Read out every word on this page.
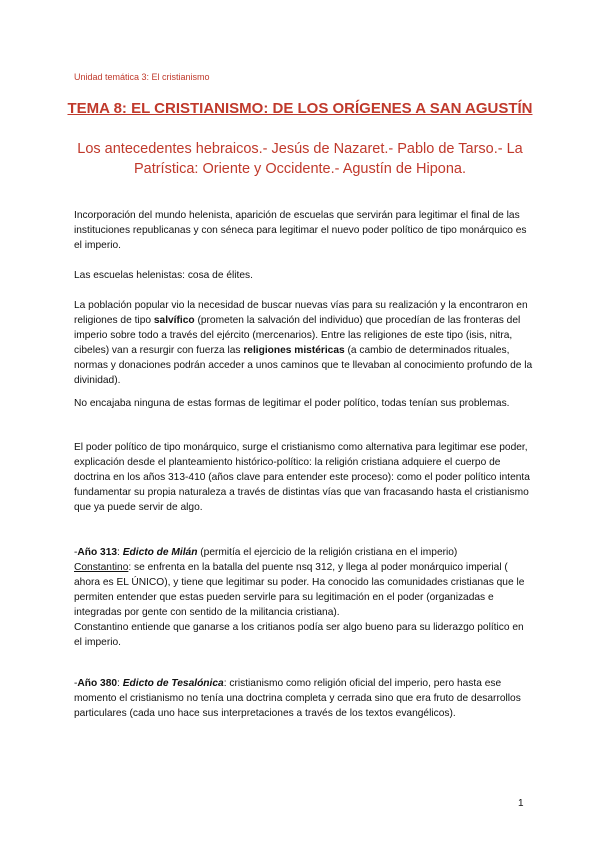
Unidad temática 3: El cristianismo
TEMA 8: EL CRISTIANISMO: DE LOS ORÍGENES A SAN AGUSTÍN
Los antecedentes hebraicos.- Jesús de Nazaret.- Pablo de Tarso.- La Patrística: Oriente y Occidente.- Agustín de Hipona.

Incorporación del mundo helenista, aparición de escuelas que servirán para legitimar el final de las instituciones republicanas y con séneca para legitimar el nuevo poder político de tipo monárquico es el imperio.

Las escuelas helenistas: cosa de élites.

La población popular vio la necesidad de buscar nuevas vías para su realización y la encontraron en religiones de tipo salvífico (prometen la salvación del individuo) que procedían de las fronteras del imperio sobre todo a través del ejército (mercenarios). Entre las religiones de este tipo (isis, nitra, cibeles) van a resurgir con fuerza las religiones mistéricas (a cambio de determinados rituales, normas y donaciones podrán acceder a unos caminos que te llevaban al conocimiento profundo de la divinidad).

No encajaba ninguna de estas formas de legitimar el poder político, todas tenían sus problemas.

El poder político de tipo monárquico, surge el cristianismo como alternativa para legitimar ese poder, explicación desde el planteamiento histórico-político: la religión cristiana adquiere el cuerpo de doctrina en los años 313-410 (años clave para entender este proceso): como el poder político intenta fundamentar su propia naturaleza a través de distintas vías que van fracasando hasta el cristianismo que ya puede servir de algo.

-Año 313: Edicto de Milán (permitía el ejercicio de la religión cristiana en el imperio)
Constantino: se enfrenta en la batalla del puente nsq 312, y llega al poder monárquico imperial ( ahora es EL ÚNICO), y tiene que legitimar su poder. Ha conocido las comunidades cristianas que le permiten entender que estas pueden servirle para su legitimación en el poder (organizadas e integradas por gente con sentido de la militancia cristiana).
Constantino entiende que ganarse a los critianos podía ser algo bueno para su liderazgo político en el imperio.

-Año 380: Edicto de Tesalónica: cristianismo como religión oficial del imperio, pero hasta ese momento el cristianismo no tenía una doctrina completa y cerrada sino que era fruto de desarrollos particulares (cada uno hace sus interpretaciones a través de los textos evangélicos).

1
